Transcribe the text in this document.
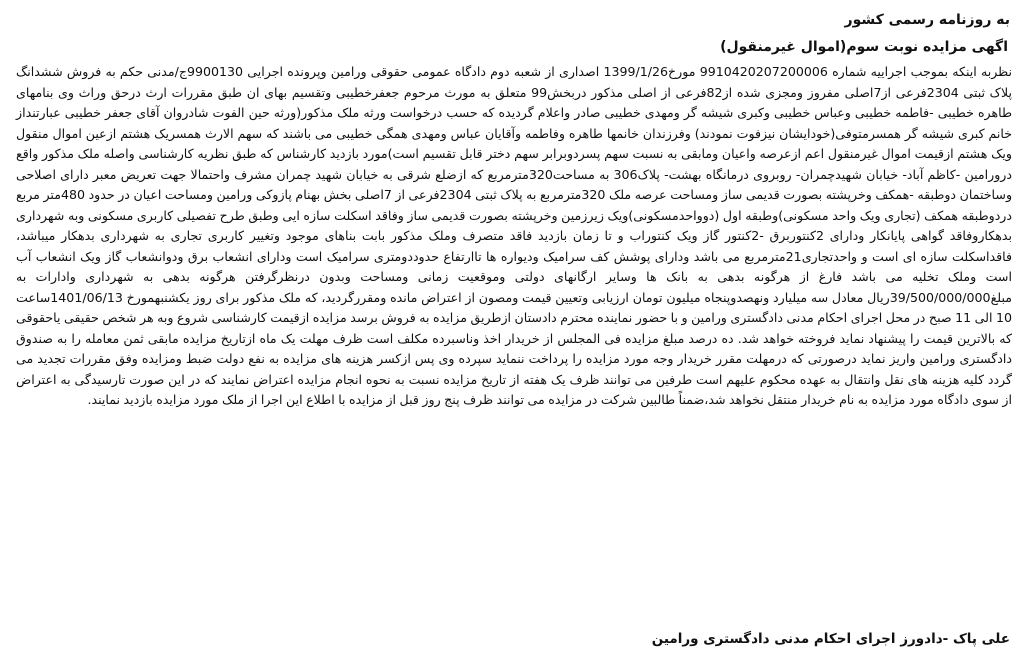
به روزنامه رسمی کشور
اگهی مزایده نوبت سوم(اموال غیرمنقول)
نظربه اینکه بموجب اجراییه شماره 9910420207200006 مورخ1399/1/26 اصداری از شعبه دوم دادگاه عمومی حقوقی ورامین وپرونده اجرایی 9900130ج/مدنی حکم به فروش ششدانگ پلاک ثبتی 2304فرعی از7اصلی مفروز ومجزی شده از82فرعی از اصلی مذکور دربخش99 متعلق به مورث مرحوم جعفرخطیبی وتقسیم بهای ان طبق مقررات ارث درحق وراث وی بنامهای طاهره خطیبی -فاطمه خطیبی وعباس خطیبی وکبری شیشه گر ومهدی خطیبی صادر واعلام گردیده که حسب درخواست ورثه ملک مذکور(ورثه حین الفوت شادروان آقای جعفر خطیبی عبارتنداز خانم کبری شیشه گر همسرمتوفی(خودایشان نیزفوت نمودند) وفرزندان خانمها طاهره وفاطمه وآقایان عباس ومهدی همگی خطیبی می باشند که سهم الارث همسریک هشتم ازعین اموال منقول ویک هشتم ازقیمت اموال غیرمنقول اعم ازعرصه واعیان ومابقی به نسبت سهم پسردوبرابر سهم دختر قابل تقسیم است)مورد بازدید کارشناس که طبق نظریه کارشناسی واصله ملک مذکور واقع درورامین -کاظم آباد- خیابان شهیدچمران- روبروی درمانگاه بهشت- پلاک306 به مساحت320مترمربع که ازضلع شرقی به خیابان شهید چمران مشرف واحتمالا جهت تعریض معبر دارای اصلاحی وساختمان دوطبقه -همکف وخرپشته بصورت قدیمی ساز ومساحت عرصه ملک 320مترمربع به پلاک ثبتی 2304فرعی از 7اصلی بخش بهنام پازوکی ورامین ومساحت اعیان در حدود 480متر مربع دردوطبقه همکف (تجاری ویک واحد مسکونی)وطبقه اول (دوواحدمسکونی)ویک زیرزمین وخرپشته بصورت قدیمی ساز وفاقد اسکلت سازه ایی وطبق طرح تفصیلی کاربری مسکونی وبه شهرداری بدهکاروفاقد گواهی پایانکار ودارای 2کنتوربرق -2کنتور گاز ویک کنتوراب و تا زمان بازدید فاقد متصرف وملک مذکور بابت بناهای موجود وتغییر کاربری تجاری به شهرداری بدهکار میباشد، فاقداسکلت سازه ای است و واحدتجاری21مترمربع می باشد ودارای پوشش کف سرامیک ودیواره ها تاارتفاع حدوددومتری سرامیک است ودارای انشعاب برق ودوانشعاب گاز ویک انشعاب آب است وملک تخلیه می باشد فارغ از هرگونه بدهی به بانک ها وسایر ارگانهای دولتی وموقعیت زمانی ومساحت وبدون درنظرگرفتن هرگونه بدهی به شهرداری وادارات به مبلغ39/500/000/000ریال معادل سه میلیارد ونهصدوپنجاه میلیون تومان ارزیابی وتعیین قیمت ومصون از اعتراض مانده ومقررگردید، که ملک مذکور برای روز یکشنبهمورخ 1401/06/13ساعت 10 الی 11 صبح در محل اجرای احکام مدنی دادگستری ورامین و با حضور نماینده محترم دادستان ازطریق مزایده به فروش برسد مزایده ازقیمت کارشناسی شروع وبه هر شخص حقیقی یاحقوقی که بالاترین قیمت را پیشنهاد نماید فروخته خواهد شد. ده درصد مبلغ مزایده فی المجلس از خریدار اخذ وناسبرده مکلف است ظرف مهلت یک ماه ازتاریخ مزایده مابقی ثمن معامله را به صندوق دادگستری ورامین واریز نماید درصورتی که درمهلت مقرر خریدار وجه مورد مزایده را پرداخت ننماید سپرده وی پس ازکسر هزینه های مزایده به نفع دولت ضبط ومزایده وفق مقررات تجدید می گردد کلیه هزینه های نقل وانتقال به عهده محکوم علیهم است طرفین می توانند ظرف یک هفته از تاریخ مزایده نسبت به نحوه انجام مزایده اعتراض نمایند که در این صورت تارسیدگی به اعتراض از سوی دادگاه مورد مزایده به نام خریدار منتقل نخواهد شد،ضمناً طالبین شرکت در مزایده می توانند ظرف پنج روز قبل از مزایده با اطلاع این اجرا از ملک مورد مزایده بازدید نمایند.
علی پاک -دادورز اجرای احکام مدنی دادگستری ورامین
